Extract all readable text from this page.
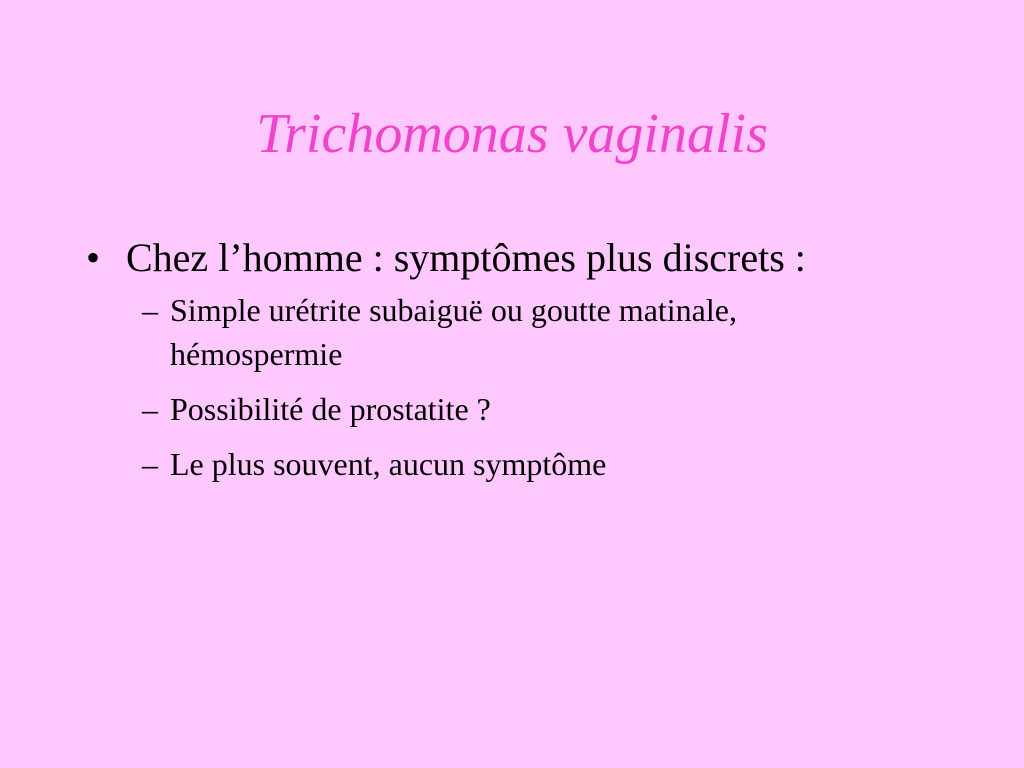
Trichomonas vaginalis
• Chez l’homme : symptômes plus discrets :
– Simple urétrite subaiguë ou goutte matinale, hémospermie
– Possibilité de prostatite ?
– Le plus souvent, aucun symptôme
